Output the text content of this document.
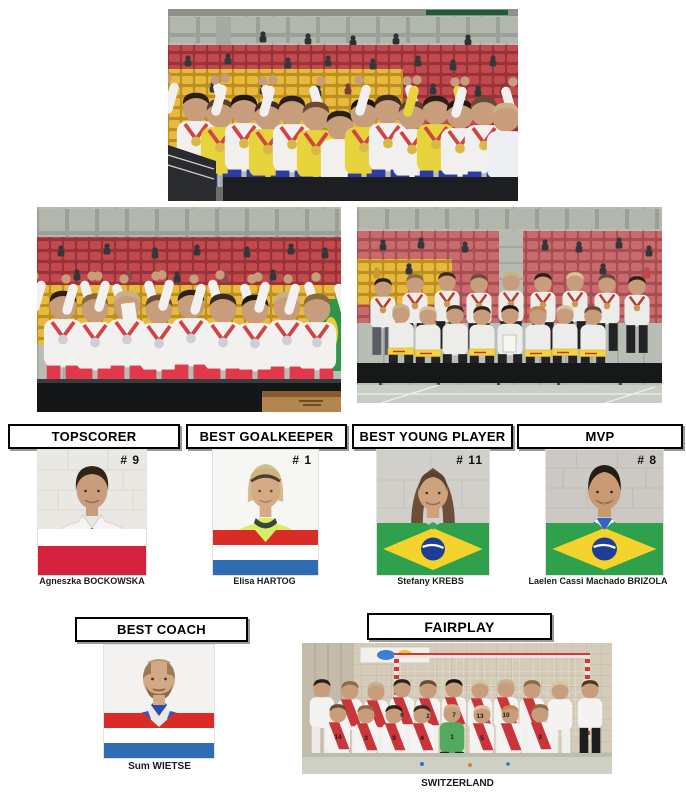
TOPSCORER	BEST GOALKEEPER BEST YOUNG PLAYER	MVP
# 9	# 1	# 11	# 8
Agneszka BOCKOWSKA	Elisa HARTOG	Stefany KREBS	Laelen Cassi Machado BRIZOLA
BEST COACH
Sum WIETSE
FAIRPLAY
6	2	7	13	10
14	3	9	4	1	5	3
SWITZERLAND
